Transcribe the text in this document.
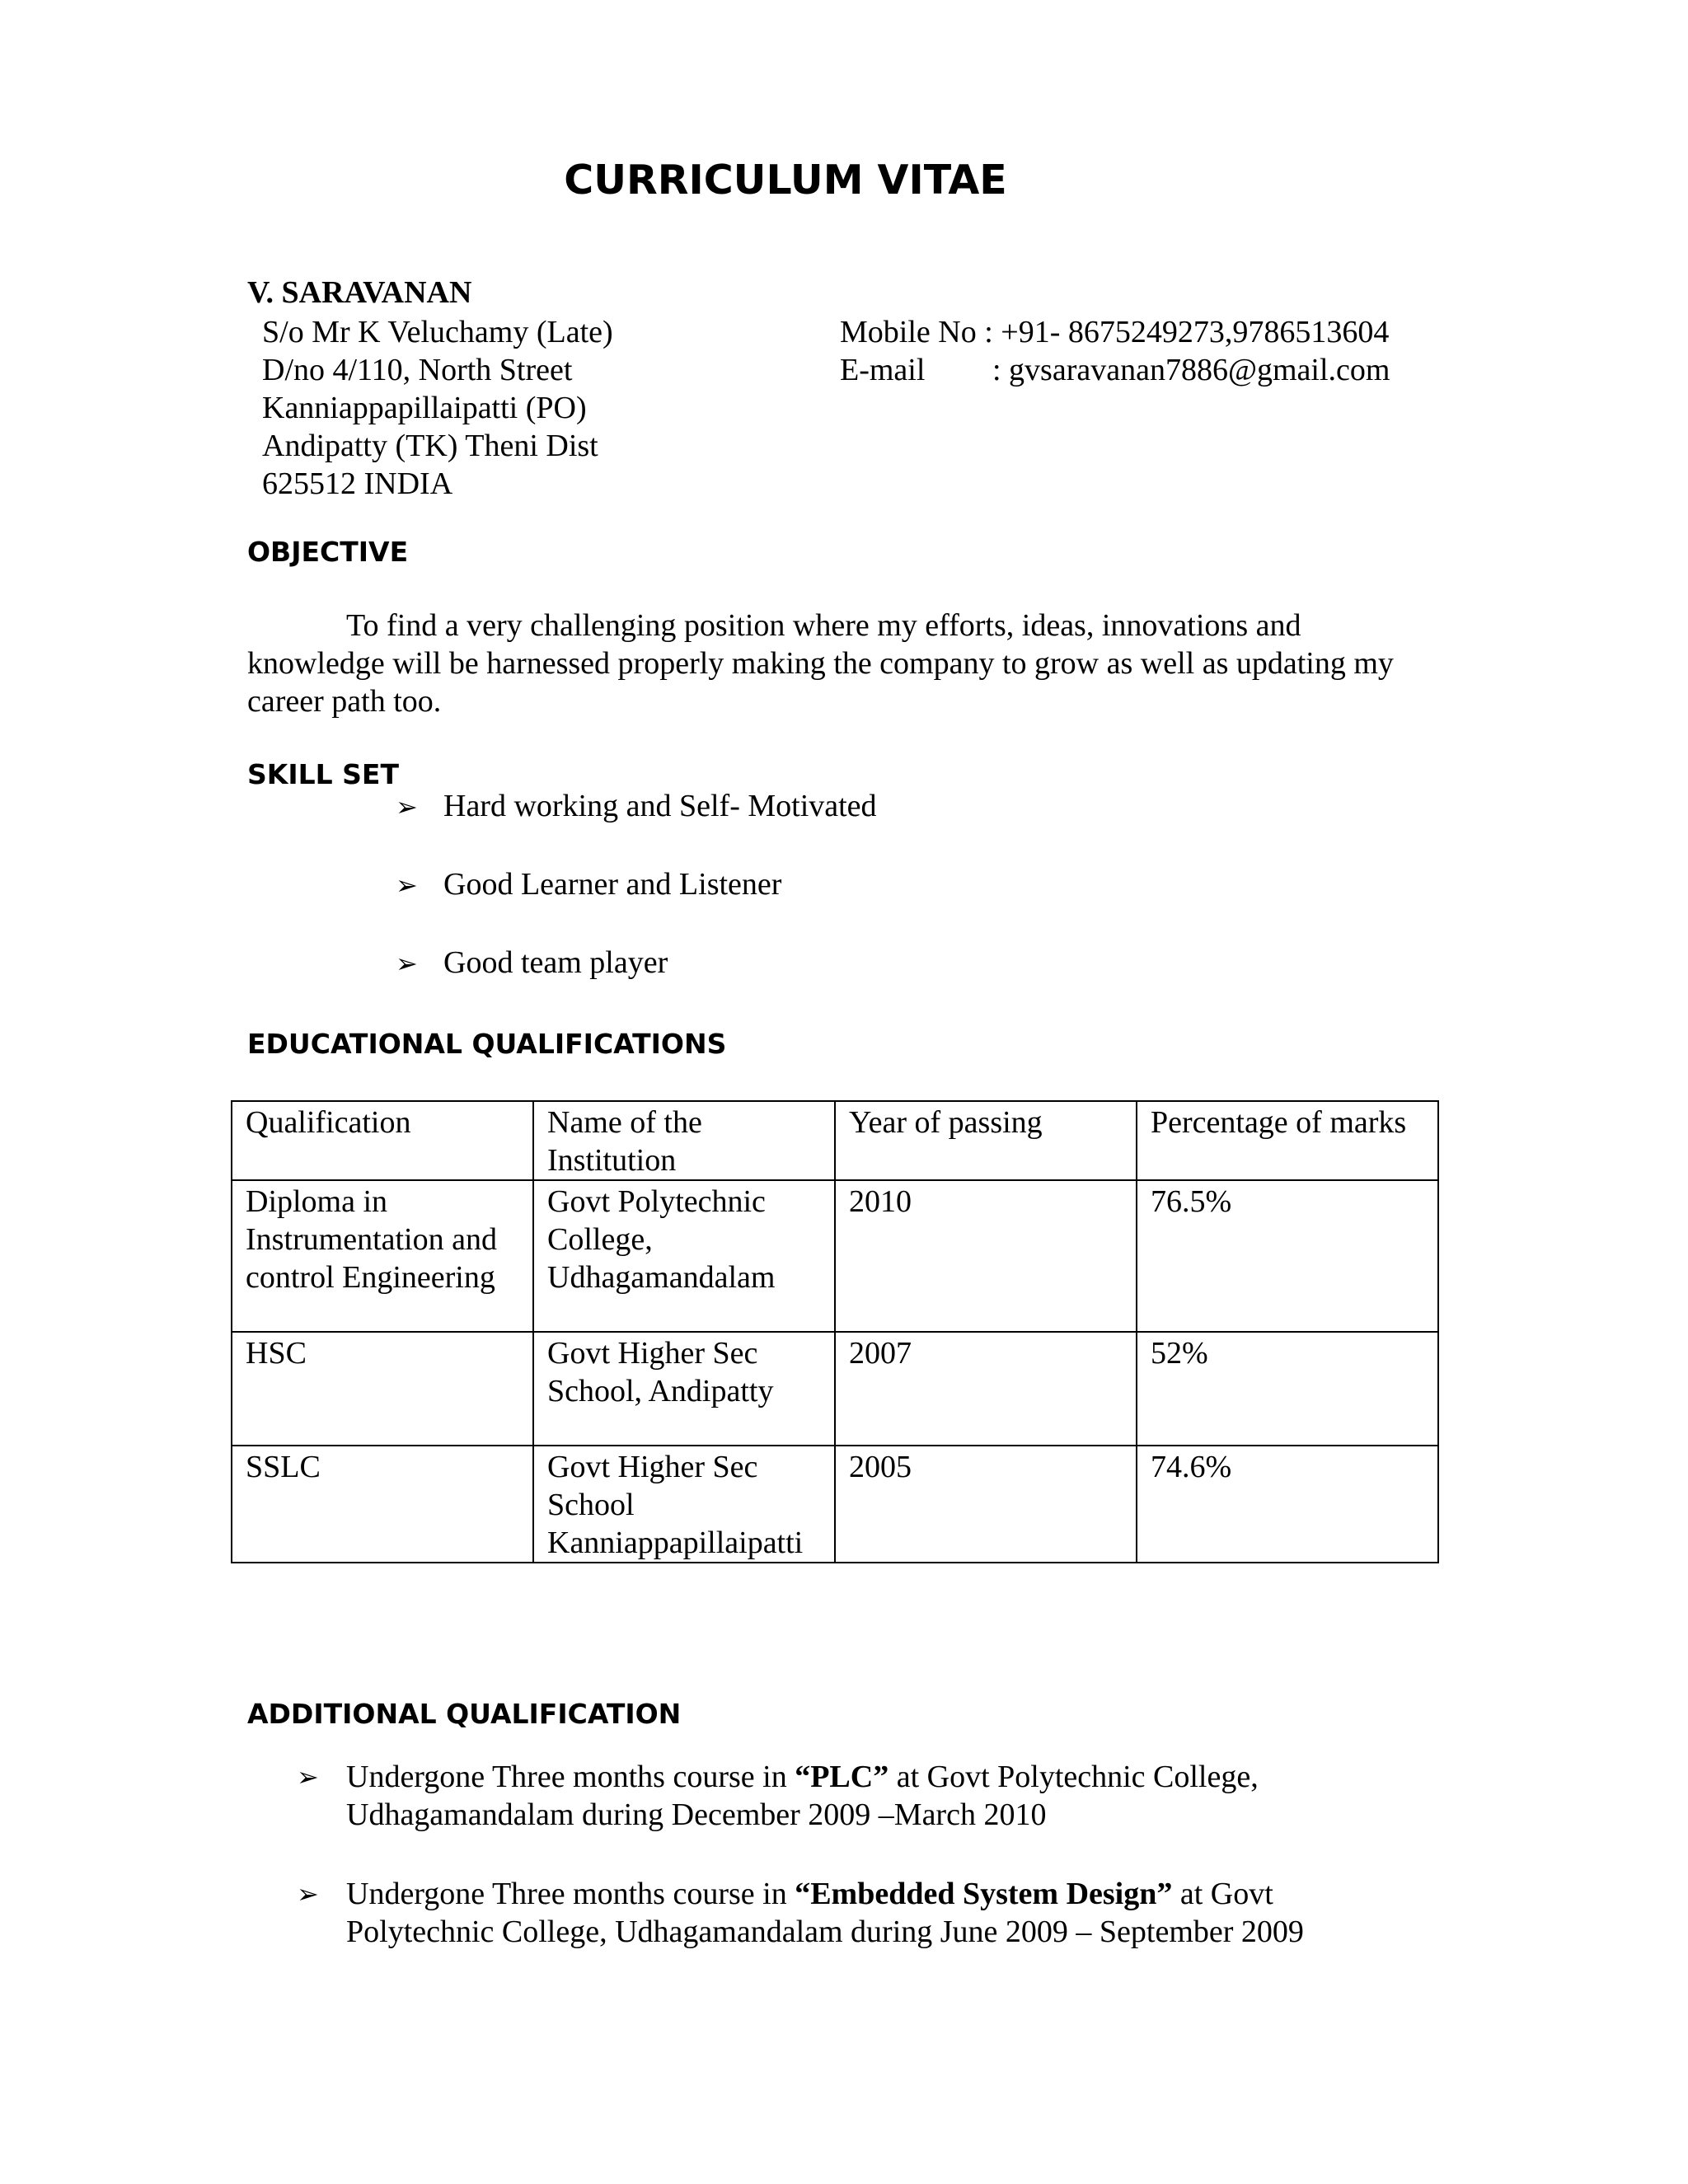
CURRICULUM VITAE
V. SARAVANAN
S/o Mr K Veluchamy (Late)
D/no 4/110, North Street
Kanniappapillaipatti (PO)
Andipatty (TK) Theni Dist
625512 INDIA
Mobile No : +91- 8675249273,9786513604
E-mail : gvsaravanan7886@gmail.com
OBJECTIVE
To find a very challenging position where my efforts, ideas, innovations and knowledge will be harnessed properly making the company to grow as well as updating my career path too.
SKILL SET
➢ Hard working and Self- Motivated
➢ Good Learner and Listener
➢ Good team player
EDUCATIONAL QUALIFICATIONS
Qualification	Name of the Institution	Year of passing	Percentage of marks
Diploma in Instrumentation and control Engineering	Govt Polytechnic College, Udhagamandalam	2010	76.5%
HSC	Govt Higher Sec School, Andipatty	2007	52%
SSLC	Govt Higher Sec School Kanniappapillaipatti	2005	74.6%
ADDITIONAL QUALIFICATION
➢ Undergone Three months course in “PLC” at Govt Polytechnic College, Udhagamandalam during December 2009 –March 2010
➢ Undergone Three months course in “Embedded System Design” at Govt Polytechnic College, Udhagamandalam during June 2009 – September 2009
